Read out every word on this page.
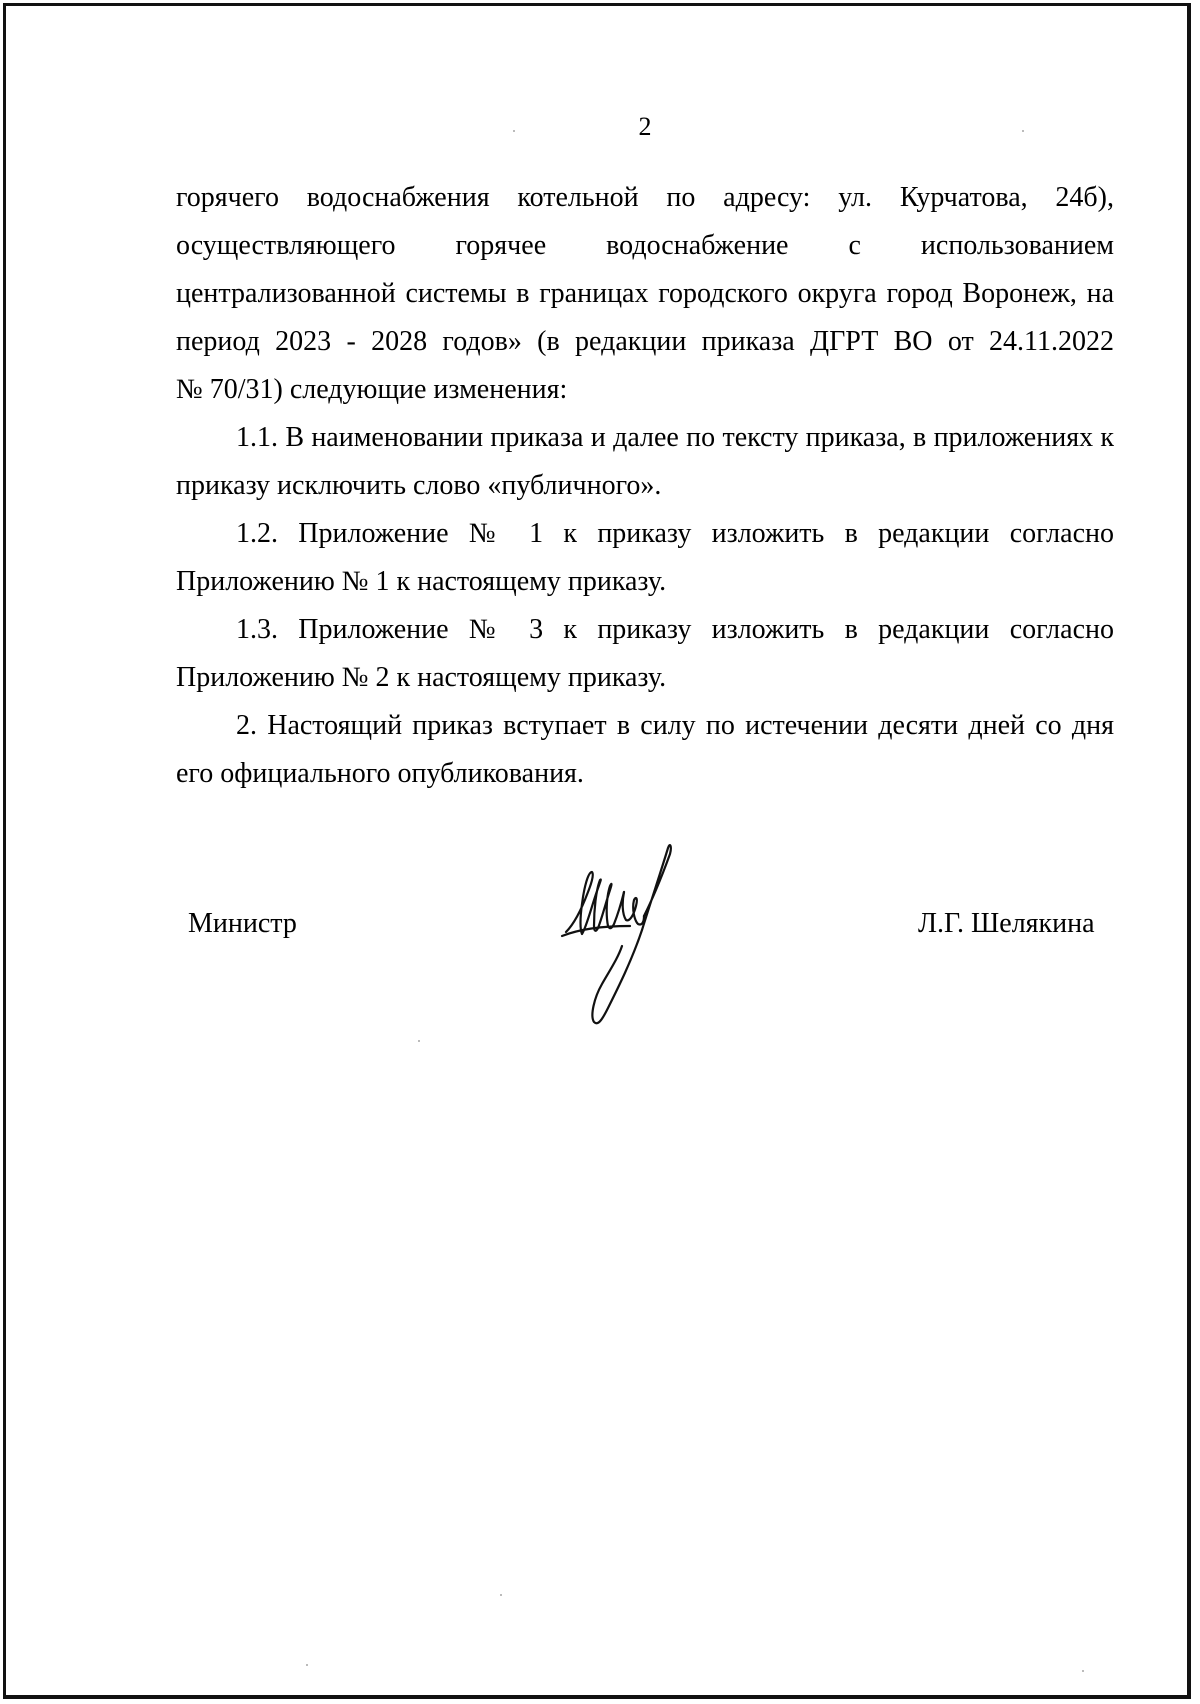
2

горячего водоснабжения котельной по адресу: ул. Курчатова, 24б),
осуществляющего горячее водоснабжение с использованием
централизованной системы в границах городского округа город Воронеж, на
период 2023 - 2028 годов» (в редакции приказа ДГРТ ВО от 24.11.2022
№ 70/31) следующие изменения:

1.1. В наименовании приказа и далее по тексту приказа, в приложениях к приказу исключить слово «публичного».

1.2. Приложение № 1 к приказу изложить в редакции согласно Приложению № 1 к настоящему приказу.

1.3. Приложение № 3 к приказу изложить в редакции согласно Приложению № 2 к настоящему приказу.

2. Настоящий приказ вступает в силу по истечении десяти дней со дня его официального опубликования.

Министр	Л.Г. Шелякина
